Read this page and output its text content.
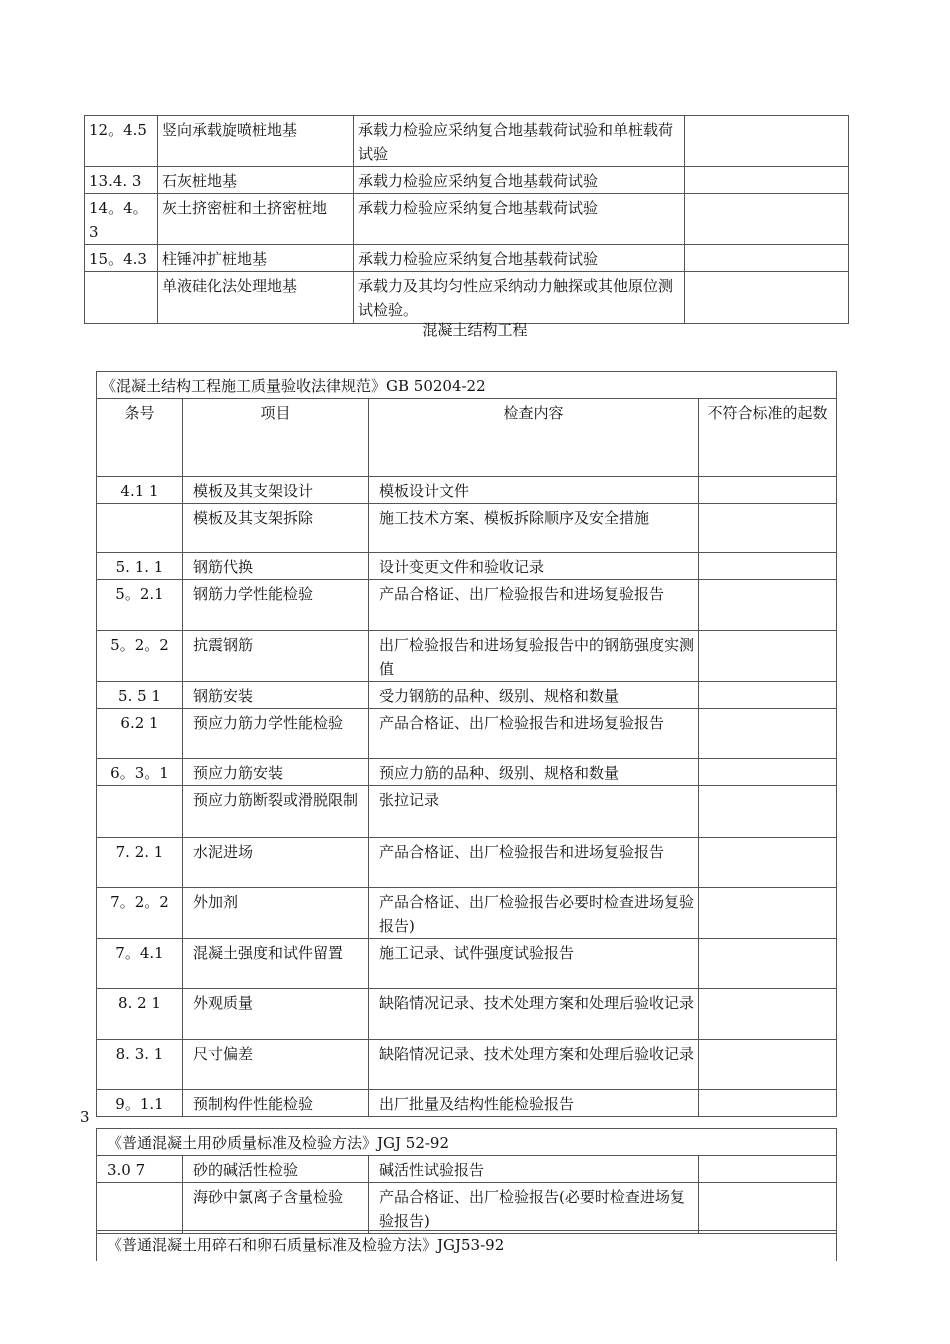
12。4.5	竖向承载旋喷桩地基	承载力检验应采纳复合地基载荷试验和单桩载荷试验	
13.4. 3	石灰桩地基	承载力检验应采纳复合地基载荷试验	
14。4。3	灰土挤密桩和土挤密桩地	承载力检验应采纳复合地基载荷试验	
15。4.3	柱锤冲扩桩地基	承载力检验应采纳复合地基载荷试验	
	单液硅化法处理地基	承载力及其均匀性应采纳动力触探或其他原位测试检验。	
混凝土结构工程
《混凝土结构工程施工质量验收法律规范》GB 50204-22			
条号	项目	检查内容	不符合标准的起数
4.1 1	模板及其支架设计	模板设计文件	
	模板及其支架拆除	施工技术方案、模板拆除顺序及安全措施	
5. 1. 1	钢筋代换	设计变更文件和验收记录	
5。2.1	钢筋力学性能检验	产品合格证、出厂检验报告和进场复验报告	
5。2。2	抗震钢筋	出厂检验报告和进场复验报告中的钢筋强度实测值	
5. 5 1	钢筋安装	受力钢筋的品种、级别、规格和数量	
6.2 1	预应力筋力学性能检验	产品合格证、出厂检验报告和进场复验报告	
6。3。1	预应力筋安装	预应力筋的品种、级别、规格和数量	
	预应力筋断裂或滑脱限制	张拉记录	
7. 2. 1	水泥进场	产品合格证、出厂检验报告和进场复验报告	
7。2。2	外加剂	产品合格证、出厂检验报告必要时检查进场复验报告)	
7。4.1	混凝土强度和试件留置	施工记录、试件强度试验报告	
8. 2 1	外观质量	缺陷情况记录、技术处理方案和处理后验收记录	
8. 3. 1	尺寸偏差	缺陷情况记录、技术处理方案和处理后验收记录	
9。1.1	预制构件性能检验	出厂批量及结构性能检验报告	
3
《普通混凝土用砂质量标准及检验方法》JGJ 52-92			
3.0 7	砂的碱活性检验	碱活性试验报告	
	海砂中氯离子含量检验	产品合格证、出厂检验报告(必要时检查进场复验报告)	
《普通混凝土用碎石和卵石质量标准及检验方法》JGJ53-92
